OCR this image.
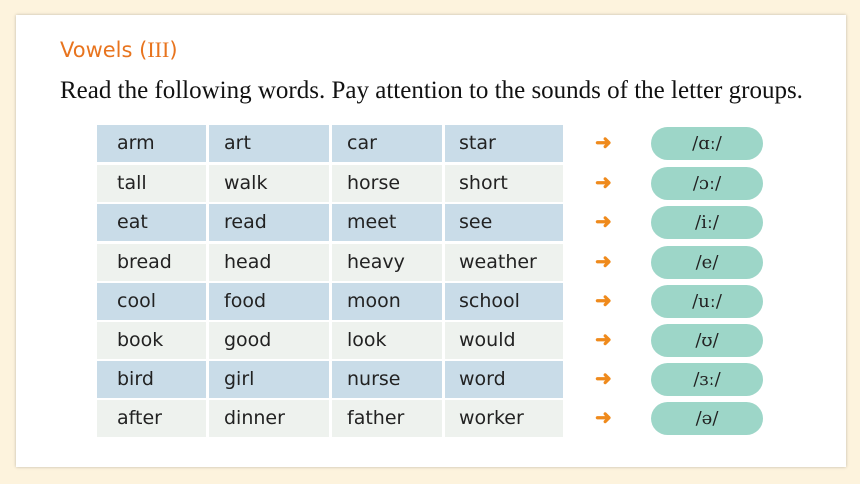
Vowels (III)
Read the following words. Pay attention to the sounds of the letter groups.
arm	art	car	star	➜	/ɑː/
tall	walk	horse	short	➜	/ɔː/
eat	read	meet	see	➜	/iː/
bread	head	heavy	weather	➜	/e/
cool	food	moon	school	➜	/uː/
book	good	look	would	➜	/ʊ/
bird	girl	nurse	word	➜	/ɜː/
after	dinner	father	worker	➜	/ə/
